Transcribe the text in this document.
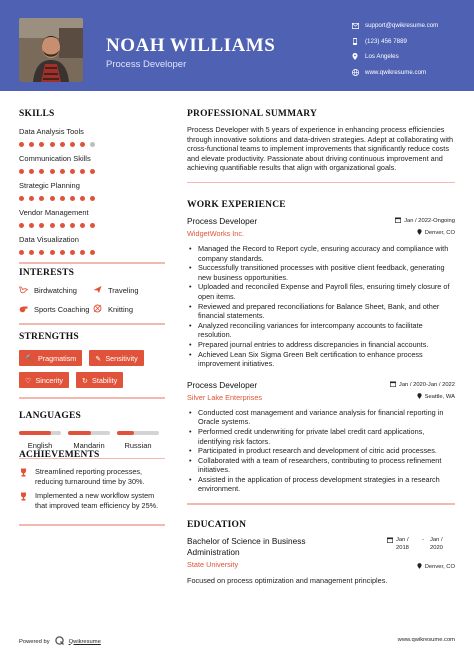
NOAH WILLIAMS
Process Developer
support@qwikresume.com
(123) 456 7889
Los Angeles
www.qwikresume.com
SKILLS
Data Analysis Tools
Communication Skills
Strategic Planning
Vendor Management
Data Visualization
INTERESTS
Birdwatching	Traveling
Sports Coaching Knitting
STRENGTHS
🔨 Pragmatism	✎ Sensitivity
♡ Sincerity	↻ Stability
LANGUAGES
English	Mandarin	Russian
ACHIEVEMENTS
Streamlined reporting processes, reducing turnaround time by 30%.
Implemented a new workflow system that improved team efficiency by 25%.
PROFESSIONAL SUMMARY
Process Developer with 5 years of experience in enhancing process efficiencies through innovative solutions and data-driven strategies. Adept at collaborating with cross-functional teams to implement improvements that significantly reduce costs and elevate productivity. Passionate about driving continuous improvement and achieving quantifiable results that align with organizational goals.
WORK EXPERIENCE
Process Developer
WidgetWorks Inc.
Jan / 2022-Ongoing
Denver, CO
• Managed the Record to Report cycle, ensuring accuracy and compliance with company standards.
• Successfully transitioned processes with positive client feedback, generating new business opportunities.
• Uploaded and reconciled Expense and Payroll files, ensuring timely closure of open items.
• Reviewed and prepared reconciliations for Balance Sheet, Bank, and other financial statements.
• Analyzed reconciling variances for intercompany accounts to facilitate resolution.
• Prepared journal entries to address discrepancies in financial accounts.
• Achieved Lean Six Sigma Green Belt certification to enhance process improvement initiatives.
Process Developer
Silver Lake Enterprises
Jan / 2020-Jan / 2022
Seattle, WA
• Conducted cost management and variance analysis for financial reporting in Oracle systems.
• Performed credit underwriting for private label credit card applications, identifying risk factors.
• Participated in product research and development of citric acid processes.
• Collaborated with a team of researchers, contributing to process refinement initiatives.
• Assisted in the application of process development strategies in a research environment.
EDUCATION
Bachelor of Science in Business Administration
State University
Jan / 2018
-	Jan / 2020
Denver, CO
Focused on process optimization and management principles.
Powered by	Qwikresume	www.qwikresume.com
